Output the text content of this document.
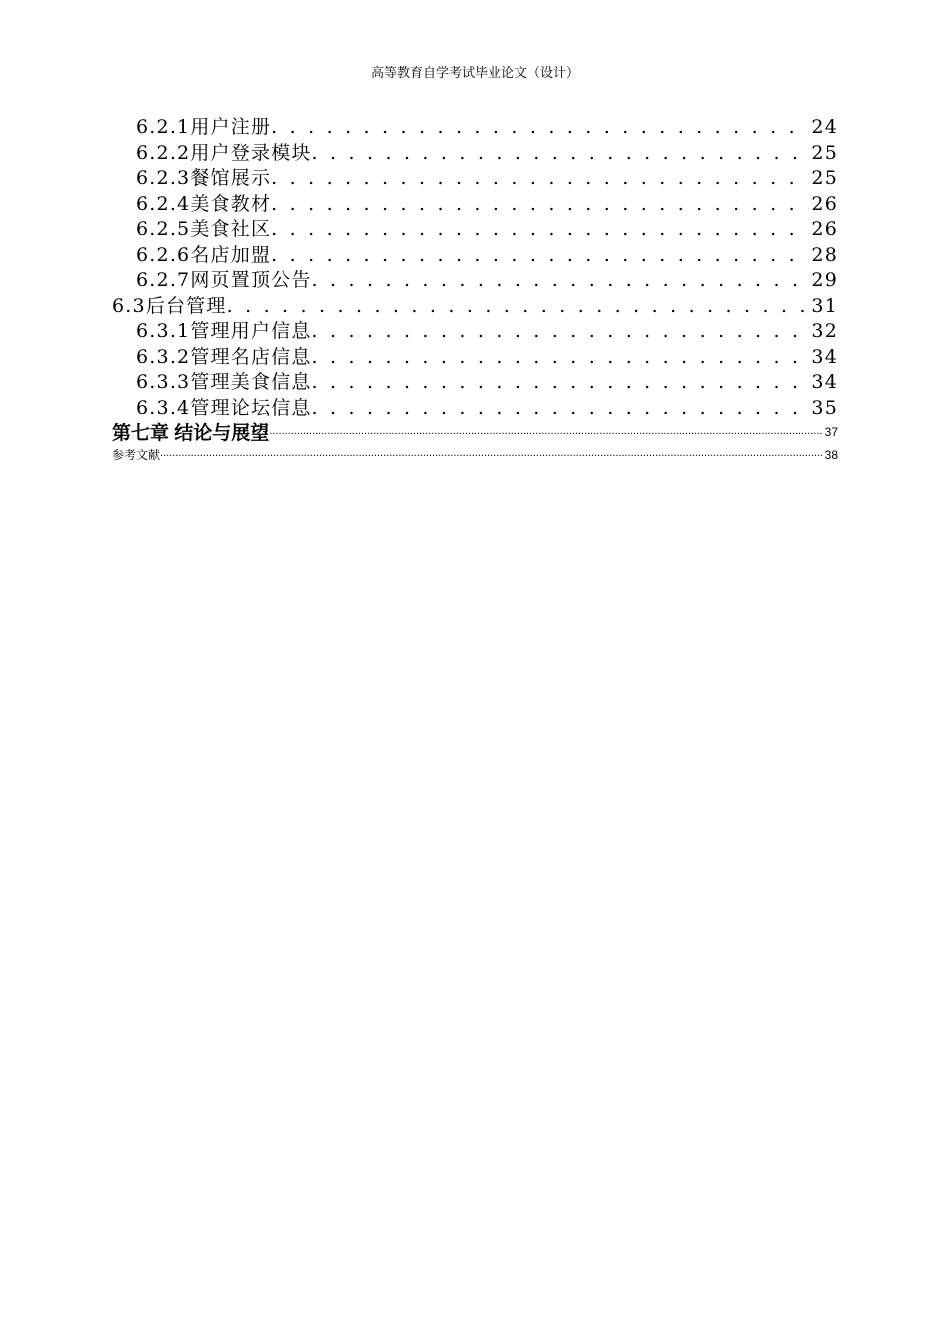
高等教育自学考试毕业论文（设计）
6.2.1用户注册 . . .	24
6.2.2用户登录模块 . . .	25
6.2.3餐馆展示 . . .	25
6.2.4美食教材 . . .	26
6.2.5美食社区 . . .	26
6.2.6名店加盟 . . .	28
6.2.7网页置顶公告 . . .	29
6.3后台管理 . . .	31
6.3.1管理用户信息 . . .	32
6.3.2管理名店信息 . . .	34
6.3.3管理美食信息 . . .	34
6.3.4管理论坛信息 . . .	35
第七章 结论与展望 .....	37
参考文献 .....	38
